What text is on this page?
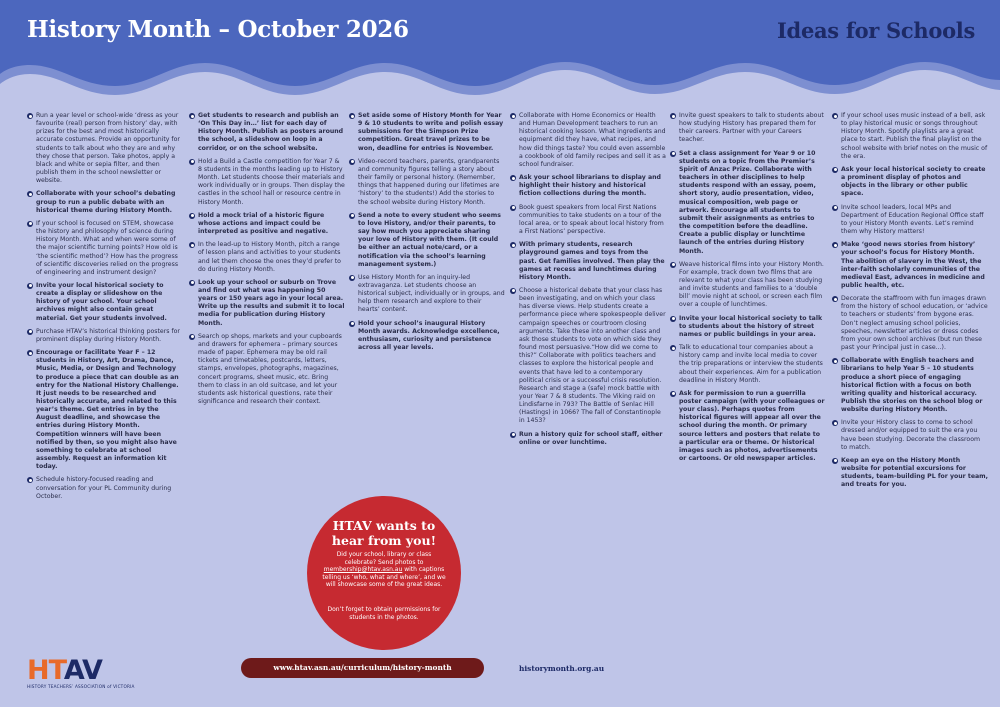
History Month – October 2026	Ideas for Schools
Run a year level or school-wide ‘dress as your favourite (real) person from history’ day, with prizes for the best and most historically accurate costumes. Provide an opportunity for students to talk about who they are and why they chose that person. Take photos, apply a black and white or sepia filter, and then publish them in the school newsletter or website.
Collaborate with your school’s debating group to run a public debate with an historical theme during History Month.
If your school is focused on STEM, showcase the history and philosophy of science during History Month. What and when were some of the major scientific turning points? How old is ‘the scientific method’? How has the progress of scientific discoveries relied on the progress of engineering and instrument design?
Invite your local historical society to create a display or slideshow on the history of your school. Your school archives might also contain great material. Get your students involved.
Purchase HTAV’s historical thinking posters for prominent display during History Month.
Encourage or facilitate Year F – 12 students in History, Art, Drama, Dance, Music, Media, or Design and Technology to produce a piece that can double as an entry for the National History Challenge. It just needs to be researched and historically accurate, and related to this year’s theme. Get entries in by the August deadline, and showcase the entries during History Month. Competition winners will have been notified by then, so you might also have something to celebrate at school assembly. Request an information kit today.
Schedule history-focused reading and conversation for your PL Community during October.
Get students to research and publish an ‘On This Day in…’ list for each day of History Month. Publish as posters around the school, a slideshow on loop in a corridor, or on the school website.
Hold a Build a Castle competition for Year 7 & 8 students in the months leading up to History Month. Let students choose their materials and work individually or in groups. Then display the castles in the school hall or resource centre in History Month.
Hold a mock trial of a historic figure whose actions and impact could be interpreted as positive and negative.
In the lead-up to History Month, pitch a range of lesson plans and activities to your students and let them choose the ones they’d prefer to do during History Month.
Look up your school or suburb on Trove and find out what was happening 50 years or 150 years ago in your local area. Write up the results and submit it to local media for publication during History Month.
Search op shops, markets and your cupboards and drawers for ephemera – primary sources made of paper. Ephemera may be old rail tickets and timetables, postcards, letters, stamps, envelopes, photographs, magazines, concert programs, sheet music, etc. Bring them to class in an old suitcase, and let your students ask historical questions, rate their significance and research their context.
Set aside some of History Month for Year 9 & 10 students to write and polish essay submissions for the Simpson Prize competition. Great travel prizes to be won, deadline for entries is November.
Video-record teachers, parents, grandparents and community figures telling a story about their family or personal history. (Remember, things that happened during our lifetimes are ‘history’ to the students!) Add the stories to the school website during History Month.
Send a note to every student who seems to love History, and/or their parents, to say how much you appreciate sharing your love of History with them. (It could be either an actual note/card, or a notification via the school’s learning management system.)
Use History Month for an inquiry-led extravaganza. Let students choose an historical subject, individually or in groups, and help them research and explore to their hearts’ content.
Hold your school’s inaugural History Month awards. Acknowledge excellence, enthusiasm, curiosity and persistence across all year levels.
Collaborate with Home Economics or Health and Human Development teachers to run an historical cooking lesson. What ingredients and equipment did they have, what recipes, and how did things taste? You could even assemble a cookbook of old family recipes and sell it as a school fundraiser.
Ask your school librarians to display and highlight their history and historical fiction collections during the month.
Book guest speakers from local First Nations communities to take students on a tour of the local area, or to speak about local history from a First Nations’ perspective.
With primary students, research playground games and toys from the past. Get families involved. Then play the games at recess and lunchtimes during History Month.
Choose a historical debate that your class has been investigating, and on which your class has diverse views. Help students create a performance piece where spokespeople deliver campaign speeches or courtroom closing arguments. Take these into another class and ask those students to vote on which side they found most persuasive.“How did we come to this?” Collaborate with politics teachers and classes to explore the historical people and events that have led to a contemporary political crisis or a successful crisis resolution. Research and stage a (safe) mock battle with your Year 7 & 8 students. The Viking raid on Lindisfarne in 793? The Battle of Senlac Hill (Hastings) in 1066? The fall of Constantinople in 1453?
Run a history quiz for school staff, either online or over lunchtime.
Invite guest speakers to talk to students about how studying History has prepared them for their careers. Partner with your Careers teacher.
Set a class assignment for Year 9 or 10 students on a topic from the Premier’s Spirit of Anzac Prize. Collaborate with teachers in other disciplines to help students respond with an essay, poem, short story, audio presentation, video, musical composition, web page or artwork. Encourage all students to submit their assignments as entries to the competition before the deadline. Create a public display or lunchtime launch of the entries during History Month.
Weave historical films into your History Month. For example, track down two films that are relevant to what your class has been studying and invite students and families to a ‘double bill’ movie night at school, or screen each film over a couple of lunchtimes.
Invite your local historical society to talk to students about the history of street names or public buildings in your area.
Talk to educational tour companies about a history camp and invite local media to cover the trip preparations or interview the students about their experiences. Aim for a publication deadline in History Month.
Ask for permission to run a guerrilla poster campaign (with your colleagues or your class). Perhaps quotes from historical figures will appear all over the school during the month. Or primary source letters and posters that relate to a particular era or theme. Or historical images such as photos, advertisements or cartoons. Or old newspaper articles.
If your school uses music instead of a bell, ask to play historical music or songs throughout History Month. Spotify playlists are a great place to start. Publish the final playlist on the school website with brief notes on the music of the era.
Ask your local historical society to create a prominent display of photos and objects in the library or other public space.
Invite school leaders, local MPs and Department of Education Regional Office staff to your History Month events. Let’s remind them why History matters!
Make ‘good news stories from history’ your school’s focus for History Month. The abolition of slavery in the West, the inter-faith scholarly communities of the medieval East, advances in medicine and public health, etc.
Decorate the staffroom with fun images drawn from the history of school education, or ‘advice to teachers or students’ from bygone eras. Don’t neglect amusing school policies, speeches, newsletter articles or dress codes from your own school archives (but run these past your Principal just in case...).
Collaborate with English teachers and librarians to help Year 5 – 10 students produce a short piece of engaging historical fiction with a focus on both writing quality and historical accuracy. Publish the stories on the school blog or website during History Month.
Invite your History class to come to school dressed and/or equipped to suit the era you have been studying. Decorate the classroom to match.
Keep an eye on the History Month website for potential excursions for students, team-building PL for your team, and treats for you.
HTAV wants to hear from you!
Did your school, library or class celebrate? Send photos to membership@htav.asn.au with captions telling us ‘who, what and where’, and we will showcase some of the great ideas.
Don’t forget to obtain permissions for students in the photos.
HTAV
HISTORY TEACHERS’ ASSOCIATION of VICTORIA
www.htav.asn.au/curriculum/history-month	historymonth.org.au
